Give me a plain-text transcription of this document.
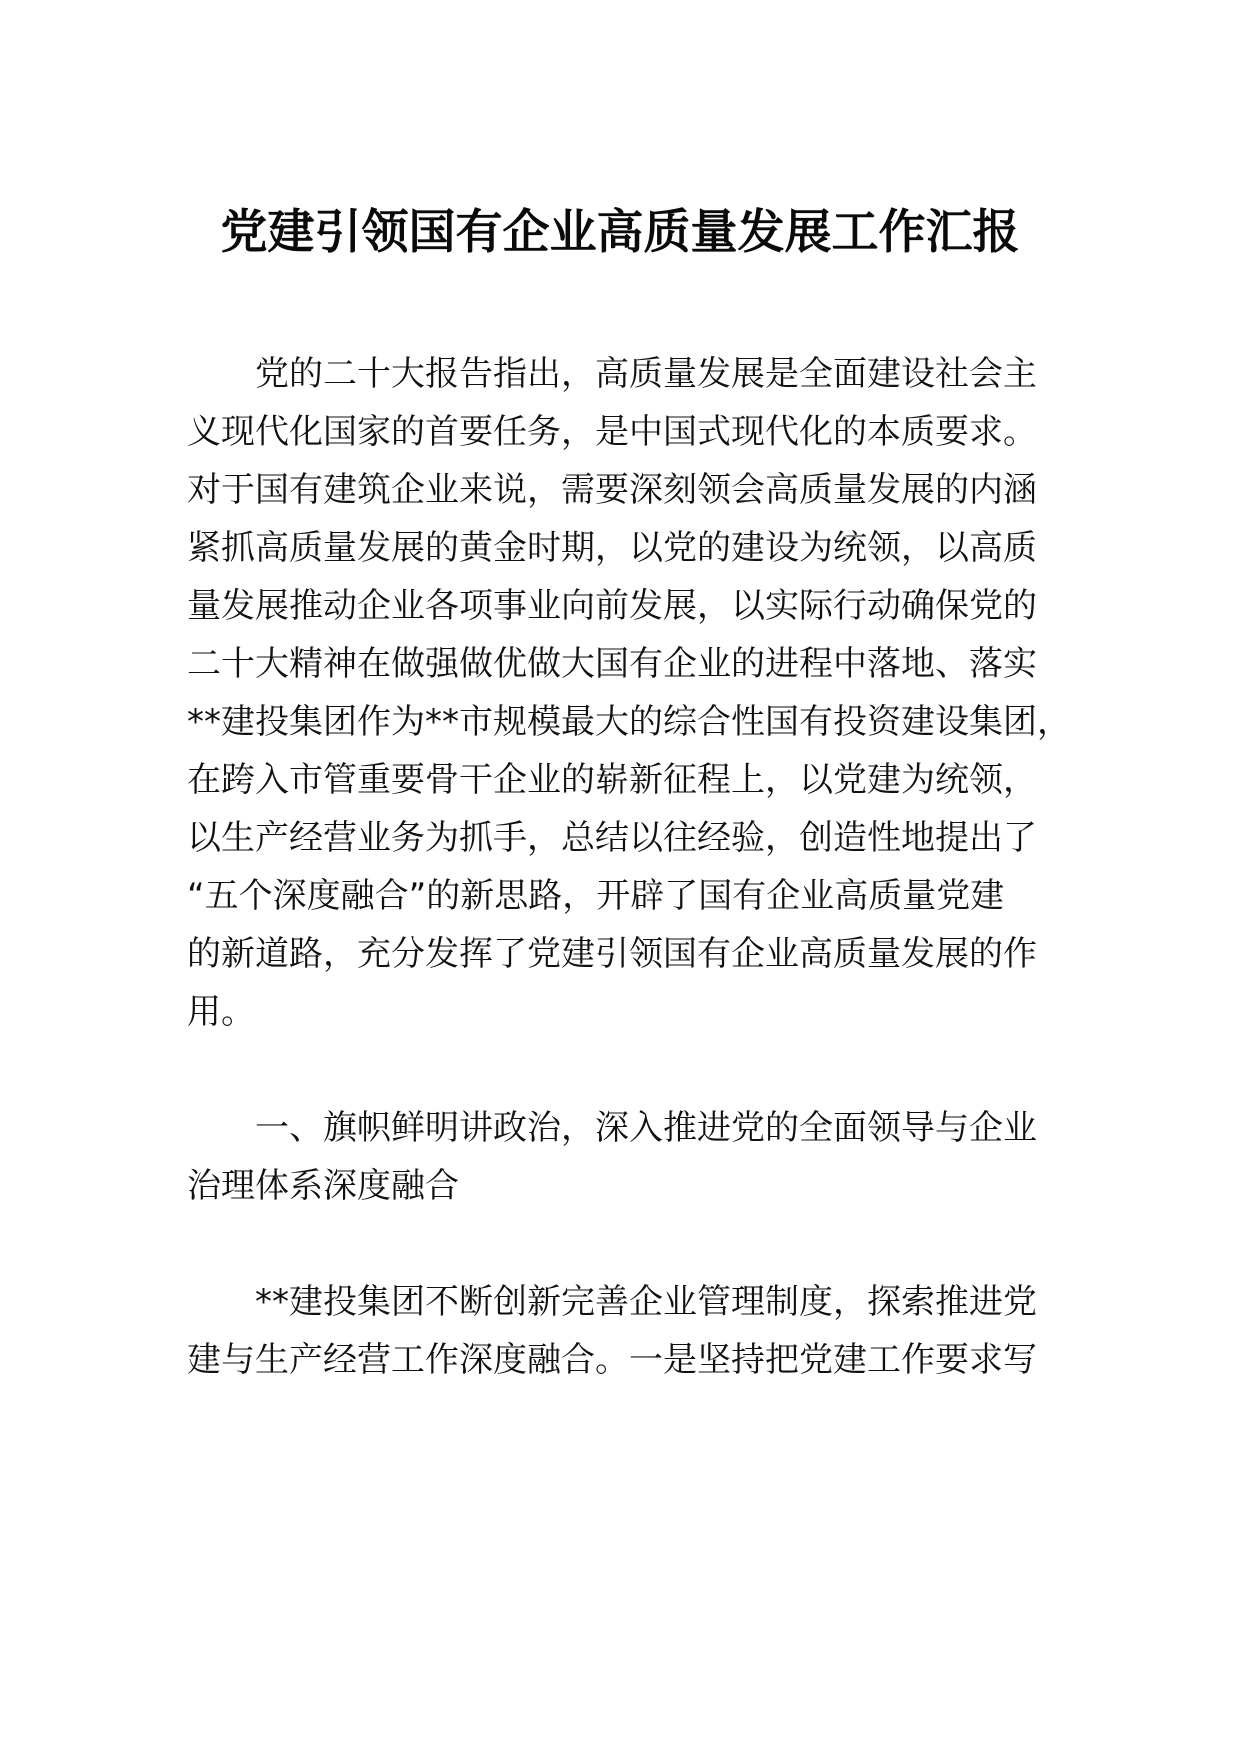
党建引领国有企业高质量发展工作汇报
党的二十大报告指出，高质量发展是全面建设社会主
义现代化国家的首要任务，是中国式现代化的本质要求。
对于国有建筑企业来说，需要深刻领会高质量发展的内涵
紧抓高质量发展的黄金时期，以党的建设为统领，以高质
量发展推动企业各项事业向前发展，以实际行动确保党的
二十大精神在做强做优做大国有企业的进程中落地、落实
**建投集团作为**市规模最大的综合性国有投资建设集团，
在跨入市管重要骨干企业的崭新征程上，以党建为统领，
以生产经营业务为抓手，总结以往经验，创造性地提出了
“五个深度融合”的新思路，开辟了国有企业高质量党建
的新道路，充分发挥了党建引领国有企业高质量发展的作
用。
一、旗帜鲜明讲政治，深入推进党的全面领导与企业
治理体系深度融合
**建投集团不断创新完善企业管理制度，探索推进党
建与生产经营工作深度融合。一是坚持把党建工作要求写
